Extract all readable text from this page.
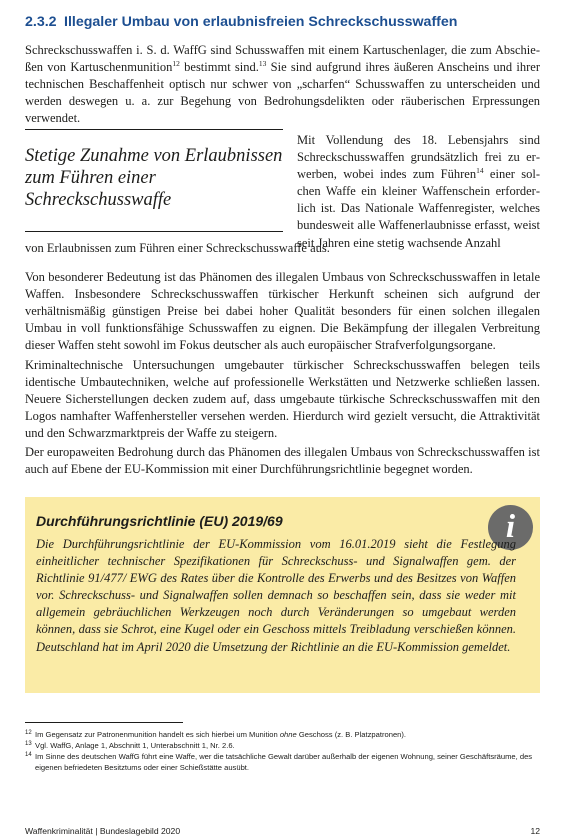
2.3.2 Illegaler Umbau von erlaubnisfreien Schreckschusswaffen

Schreckschusswaffen i. S. d. WaffG sind Schusswaffen mit einem Kartuschenlager, die zum Abschießen von Kartuschenmunition$^{12}$ bestimmt sind.$^{13}$ Sie sind aufgrund ihres äußeren Anscheins und ihrer technischen Beschaffenheit optisch nur schwer von „scharfen“ Schusswaffen zu unterscheiden und werden deswegen u. a. zur Begehung von Bedrohungsdelikten oder räuberischen Erpressungen verwendet.

Stetige Zunahme von Erlaubnissen zum Führen einer Schreckschusswaffe

Mit Vollendung des 18. Lebensjahrs sind Schreckschusswaffen grundsätzlich frei zu erwerben, wobei indes zum Führen$^{14}$ einer solchen Waffe ein kleiner Waffenschein erforderlich ist. Das Nationale Waffenregister, welches bundesweit alle Waffenerlaubnisse erfasst, weist seit Jahren eine stetig wachsende Anzahl

von Erlaubnissen zum Führen einer Schreckschusswaffe aus.

Von besonderer Bedeutung ist das Phänomen des illegalen Umbaus von Schreckschusswaffen in letale Waffen. Insbesondere Schreckschusswaffen türkischer Herkunft scheinen sich aufgrund der verhältnismäßig günstigen Preise bei dabei hoher Qualität besonders für einen solchen illegalen Umbau in voll funktionsfähige Schusswaffen zu eignen. Die Bekämpfung der illegalen Verbreitung dieser Waffen steht sowohl im Fokus deutscher als auch europäischer Strafverfolgungsorgane.

Kriminaltechnische Untersuchungen umgebauter türkischer Schreckschusswaffen belegen teils identische Umbautechniken, welche auf professionelle Werkstätten und Netzwerke schließen lassen. Neuere Sicherstellungen decken zudem auf, dass umgebaute türkische Schreckschusswaffen mit den Logos namhafter Waffenhersteller versehen werden. Hierdurch wird gezielt versucht, die Attraktivität und den Schwarzmarktpreis der Waffe zu steigern.

Der europaweiten Bedrohung durch das Phänomen des illegalen Umbaus von Schreckschusswaffen ist auch auf Ebene der EU-Kommission mit einer Durchführungsrichtlinie begegnet worden.

i
Durchführungsrichtlinie (EU) 2019/69

Die Durchführungsrichtlinie der EU-Kommission vom 16.01.2019 sieht die Festlegung einheitlicher technischer Spezifikationen für Schreckschuss- und Signalwaffen gem. der Richtlinie 91/477/ EWG des Rates über die Kontrolle des Erwerbs und des Besitzes von Waffen vor. Schreckschuss- und Signalwaffen sollen demnach so beschaffen sein, dass sie weder mit allgemein gebräuchlichen Werkzeugen noch durch Veränderungen so umgebaut werden können, dass sie Schrot, eine Kugel oder ein Geschoss mittels Treibladung verschießen können. Deutschland hat im April 2020 die Umsetzung der Richtlinie an die EU-Kommission gemeldet.

12 Im Gegensatz zur Patronenmunition handelt es sich hierbei um Munition ohne Geschoss (z. B. Platzpatronen).
13 Vgl. WaffG, Anlage 1, Abschnitt 1, Unterabschnitt 1, Nr. 2.6.
14 Im Sinne des deutschen WaffG führt eine Waffe, wer die tatsächliche Gewalt darüber außerhalb der eigenen Wohnung, seiner Geschäftsräume, des eigenen befriedeten Besitztums oder einer Schießstätte ausübt.
Waffenkriminalität | Bundeslagebild 2020	12
